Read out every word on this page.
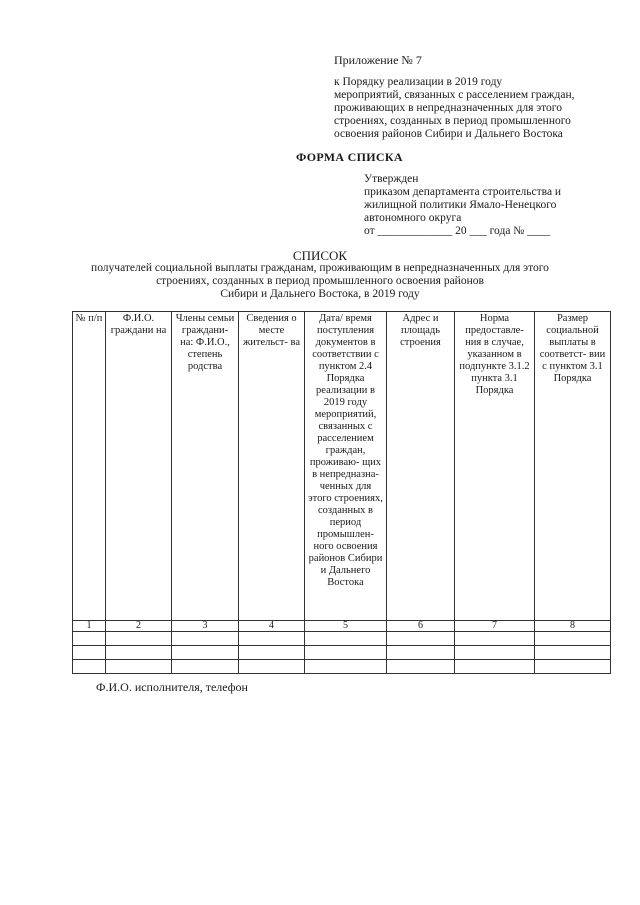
Приложение № 7
к Порядку реализации в 2019 году
мероприятий, связанных с расселением граждан,
проживающих в непредназначенных для этого
строениях, созданных в период промышленного
освоения районов Сибири и Дальнего Востока
ФОРМА СПИСКА
Утвержден
приказом департамента строительства и
жилищной политики Ямало-Ненецкого
автономного округа
от _____________ 20 ___ года № ____
СПИСОК
получателей социальной выплаты гражданам, проживающим в непредназначенных для этого
строениях, созданных в период промышленного освоения районов
Сибири и Дальнего Востока, в 2019 году
№ п/п	Ф.И.О. граждани на	Члены семьи граждани- на: Ф.И.О., степень родства	Сведения о месте жительст- ва	Дата/ время поступления документов в соответствии с пунктом 2.4 Порядка реализации в 2019 году мероприятий, связанных с расселением граждан, проживаю- щих в непредназна- ченных для этого строениях, созданных в период промышлен- ного освоения районов Сибири и Дальнего Востока	Адрес и площадь строения	Норма предоставле- ния в случае, указанном в подпункте 3.1.2 пункта 3.1 Порядка	Размер социальной выплаты в соответст- вии с пунктом 3.1 Порядка
1	2	3	4	5	6	7	8

Ф.И.О. исполнителя, телефон
